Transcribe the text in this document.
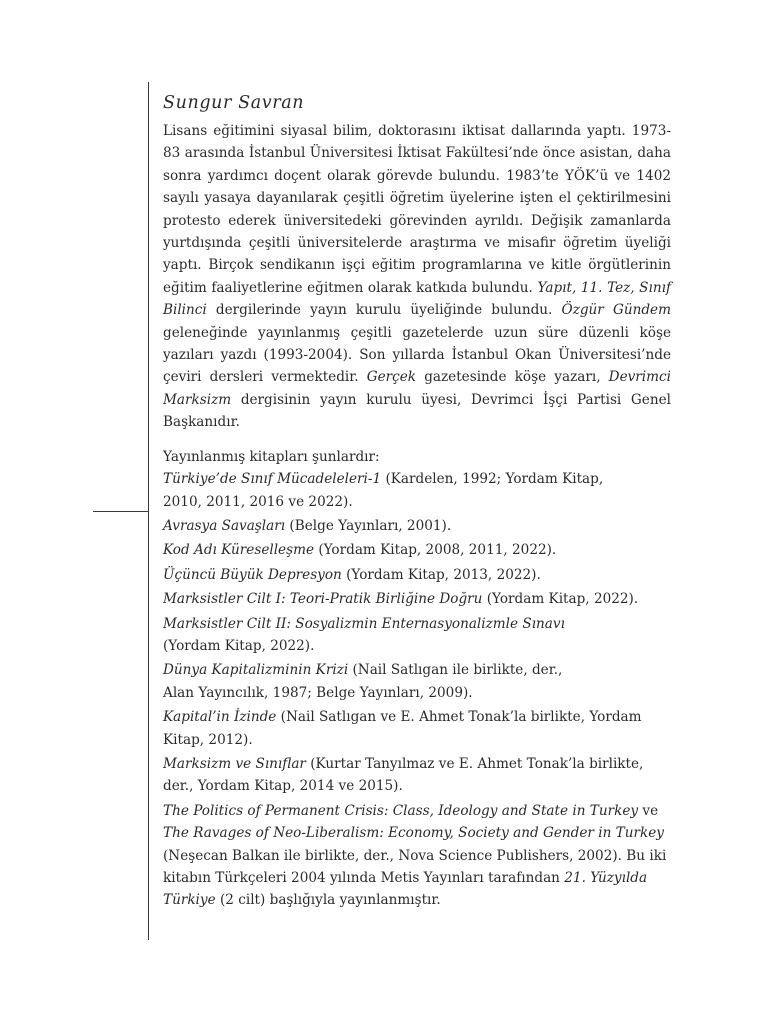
Sungur Savran

Lisans eğitimini siyasal bilim, doktorasını iktisat dallarında yaptı. 1973-83 arasında İstanbul Üniversitesi İktisat Fakültesi’nde önce asistan, daha sonra yardımcı doçent olarak görevde bulundu. 1983’te YÖK’ü ve 1402 sayılı yasaya dayanılarak çeşitli öğretim üyelerine işten el çektirilmesini protesto ederek üniversitedeki görevinden ayrıldı. Değişik zamanlarda yurtdışında çeşitli üniversitelerde araştırma ve misafir öğretim üyeliği yaptı. Birçok sendikanın işçi eğitim programlarına ve kitle örgütlerinin eğitim faaliyetlerine eğitmen olarak katkıda bulundu. Yapıt, 11. Tez, Sınıf Bilinci dergilerinde yayın kurulu üyeliğinde bulundu. Özgür Gündem geleneğinde yayınlanmış çeşitli gazetelerde uzun süre düzenli köşe yazıları yazdı (1993-2004). Son yıllarda İstanbul Okan Üniversitesi’nde çeviri dersleri vermektedir. Gerçek gazetesinde köşe yazarı, Devrimci Marksizm dergisinin yayın kurulu üyesi, Devrimci İşçi Partisi Genel Başkanıdır.

Yayınlanmış kitapları şunlardır:

Türkiye’de Sınıf Mücadeleleri-1 (Kardelen, 1992; Yordam Kitap,
2010, 2011, 2016 ve 2022).

Avrasya Savaşları (Belge Yayınları, 2001).

Kod Adı Küreselleşme (Yordam Kitap, 2008, 2011, 2022).

Üçüncü Büyük Depresyon (Yordam Kitap, 2013, 2022).

Marksistler Cilt I: Teori-Pratik Birliğine Doğru (Yordam Kitap, 2022).

Marksistler Cilt II: Sosyalizmin Enternasyonalizmle Sınavı
(Yordam Kitap, 2022).

Dünya Kapitalizminin Krizi (Nail Satlıgan ile birlikte, der.,
Alan Yayıncılık, 1987; Belge Yayınları, 2009).

Kapital’in İzinde (Nail Satlıgan ve E. Ahmet Tonak’la birlikte, Yordam
Kitap, 2012).

Marksizm ve Sınıflar (Kurtar Tanyılmaz ve E. Ahmet Tonak’la birlikte,
der., Yordam Kitap, 2014 ve 2015).

The Politics of Permanent Crisis: Class, Ideology and State in Turkey ve
The Ravages of Neo-Liberalism: Economy, Society and Gender in Turkey
(Neşecan Balkan ile birlikte, der., Nova Science Publishers, 2002). Bu iki
kitabın Türkçeleri 2004 yılında Metis Yayınları tarafından 21. Yüzyılda
Türkiye (2 cilt) başlığıyla yayınlanmıştır.
